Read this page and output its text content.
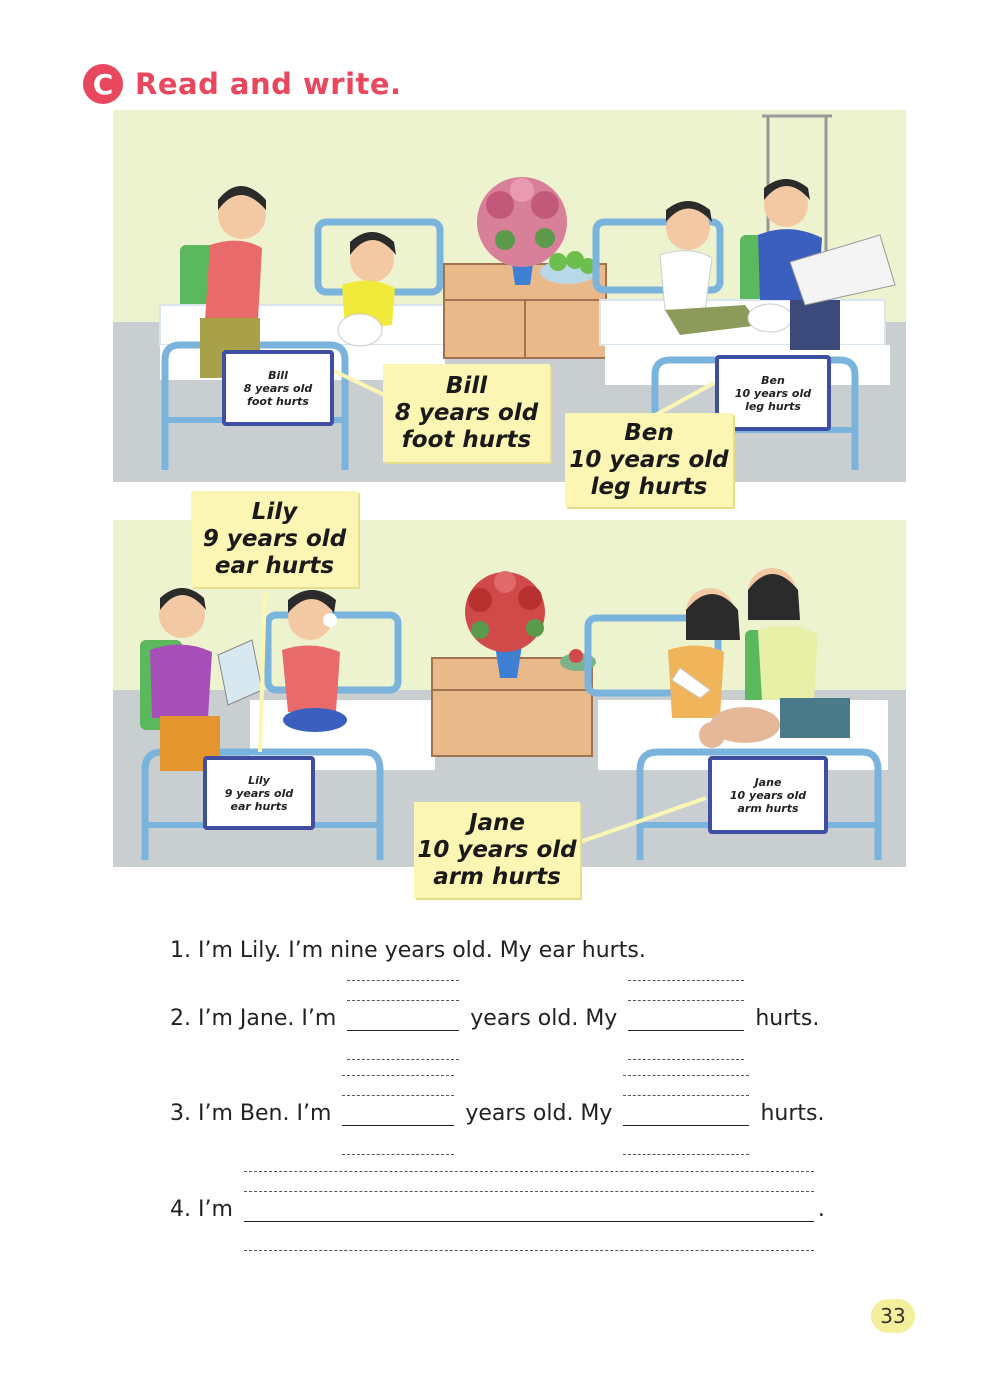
C Read and write.
Bill
8 years old
foot hurts
Ben
10 years old
leg hurts
Lily
9 years old
ear hurts
Jane
10 years old
arm hurts
Bill
8 years old
foot hurts	Ben
10 years old
leg hurts
Lily
9 years old
ear hurts
Jane
10 years old
arm hurts
1. I’m Lily. I’m nine years old. My ear hurts.
2. I’m Jane. I’m	years old. My	hurts.
3. I’m Ben. I’m	years old. My	hurts.
4. I’m	.
33
